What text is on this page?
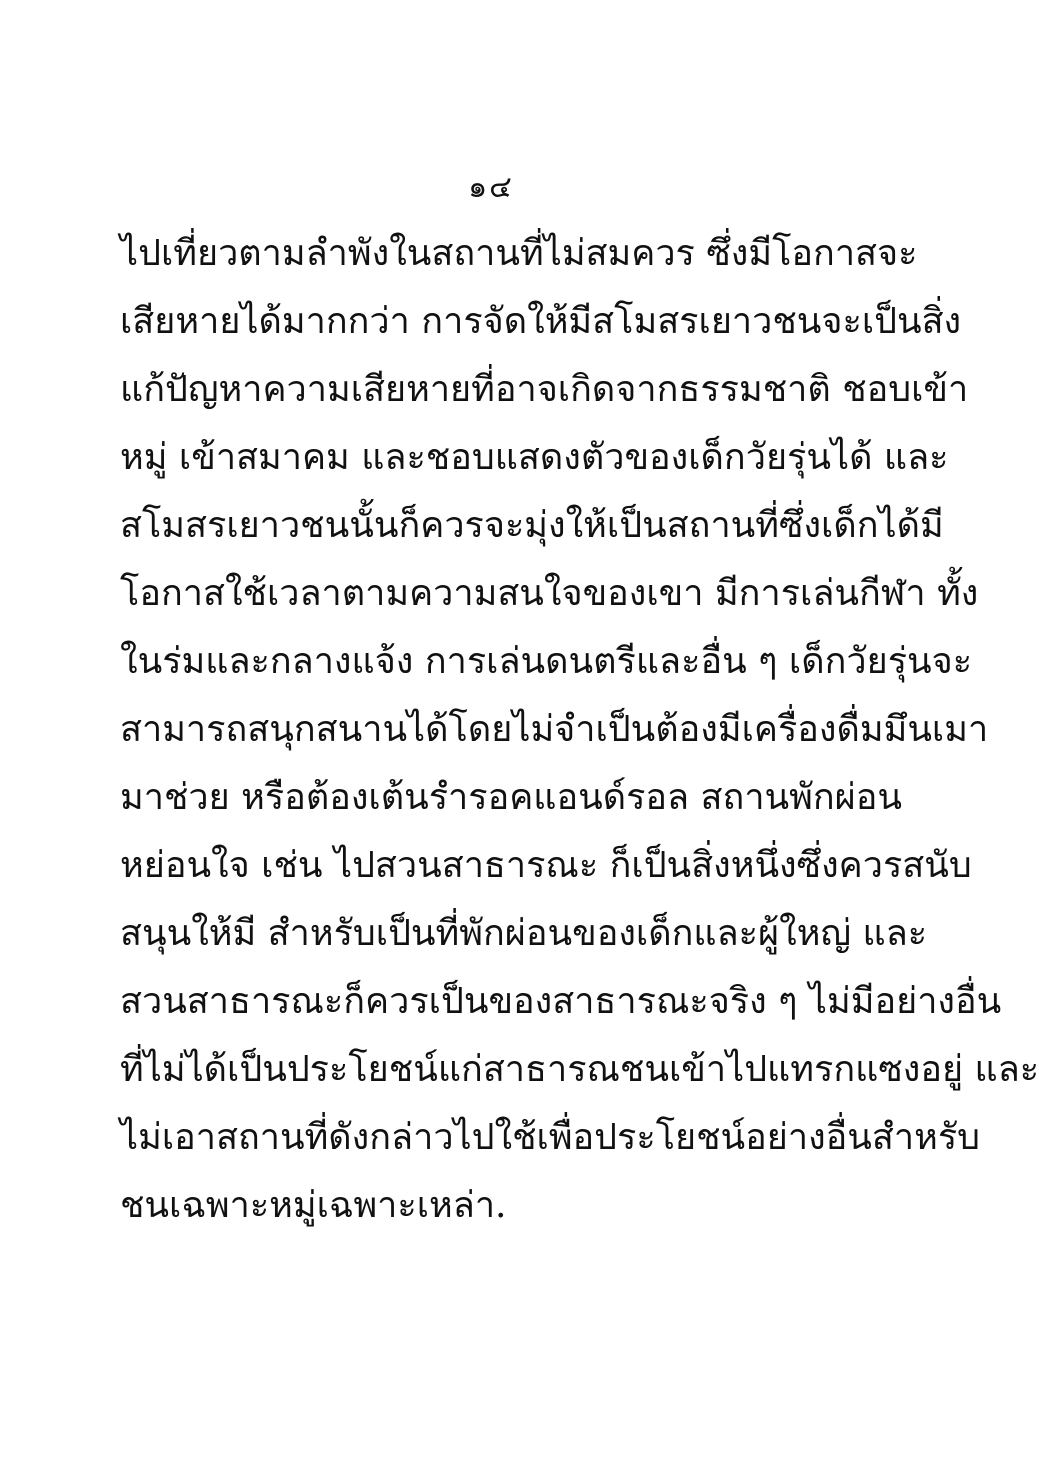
๑๔
ไปเที่ยวตามลำพังในสถานที่ไม่สมควร ซึ่งมีโอกาสจะ
เสียหายได้มากกว่า การจัดให้มีสโมสรเยาวชนจะเป็นสิ่ง
แก้ปัญหาความเสียหายที่อาจเกิดจากธรรมชาติ ชอบเข้า
หมู่ เข้าสมาคม และชอบแสดงตัวของเด็กวัยรุ่นได้ และ
สโมสรเยาวชนนั้นก็ควรจะมุ่งให้เป็นสถานที่ซึ่งเด็กได้มี
โอกาสใช้เวลาตามความสนใจของเขา มีการเล่นกีฬา ทั้ง
ในร่มและกลางแจ้ง การเล่นดนตรีและอื่น ๆ เด็กวัยรุ่นจะ
สามารถสนุกสนานได้โดยไม่จำเป็นต้องมีเครื่องดื่มมึนเมา
มาช่วย หรือต้องเต้นรำรอคแอนด์รอล สถานพักผ่อน
หย่อนใจ เช่น ไปสวนสาธารณะ ก็เป็นสิ่งหนึ่งซึ่งควรสนับ
สนุนให้มี สำหรับเป็นที่พักผ่อนของเด็กและผู้ใหญ่ และ
สวนสาธารณะก็ควรเป็นของสาธารณะจริง ๆ ไม่มีอย่างอื่น
ที่ไม่ได้เป็นประโยชน์แก่สาธารณชนเข้าไปแทรกแซงอยู่ และ
ไม่เอาสถานที่ดังกล่าวไปใช้เพื่อประโยชน์อย่างอื่นสำหรับ
ชนเฉพาะหมู่เฉพาะเหล่า.
